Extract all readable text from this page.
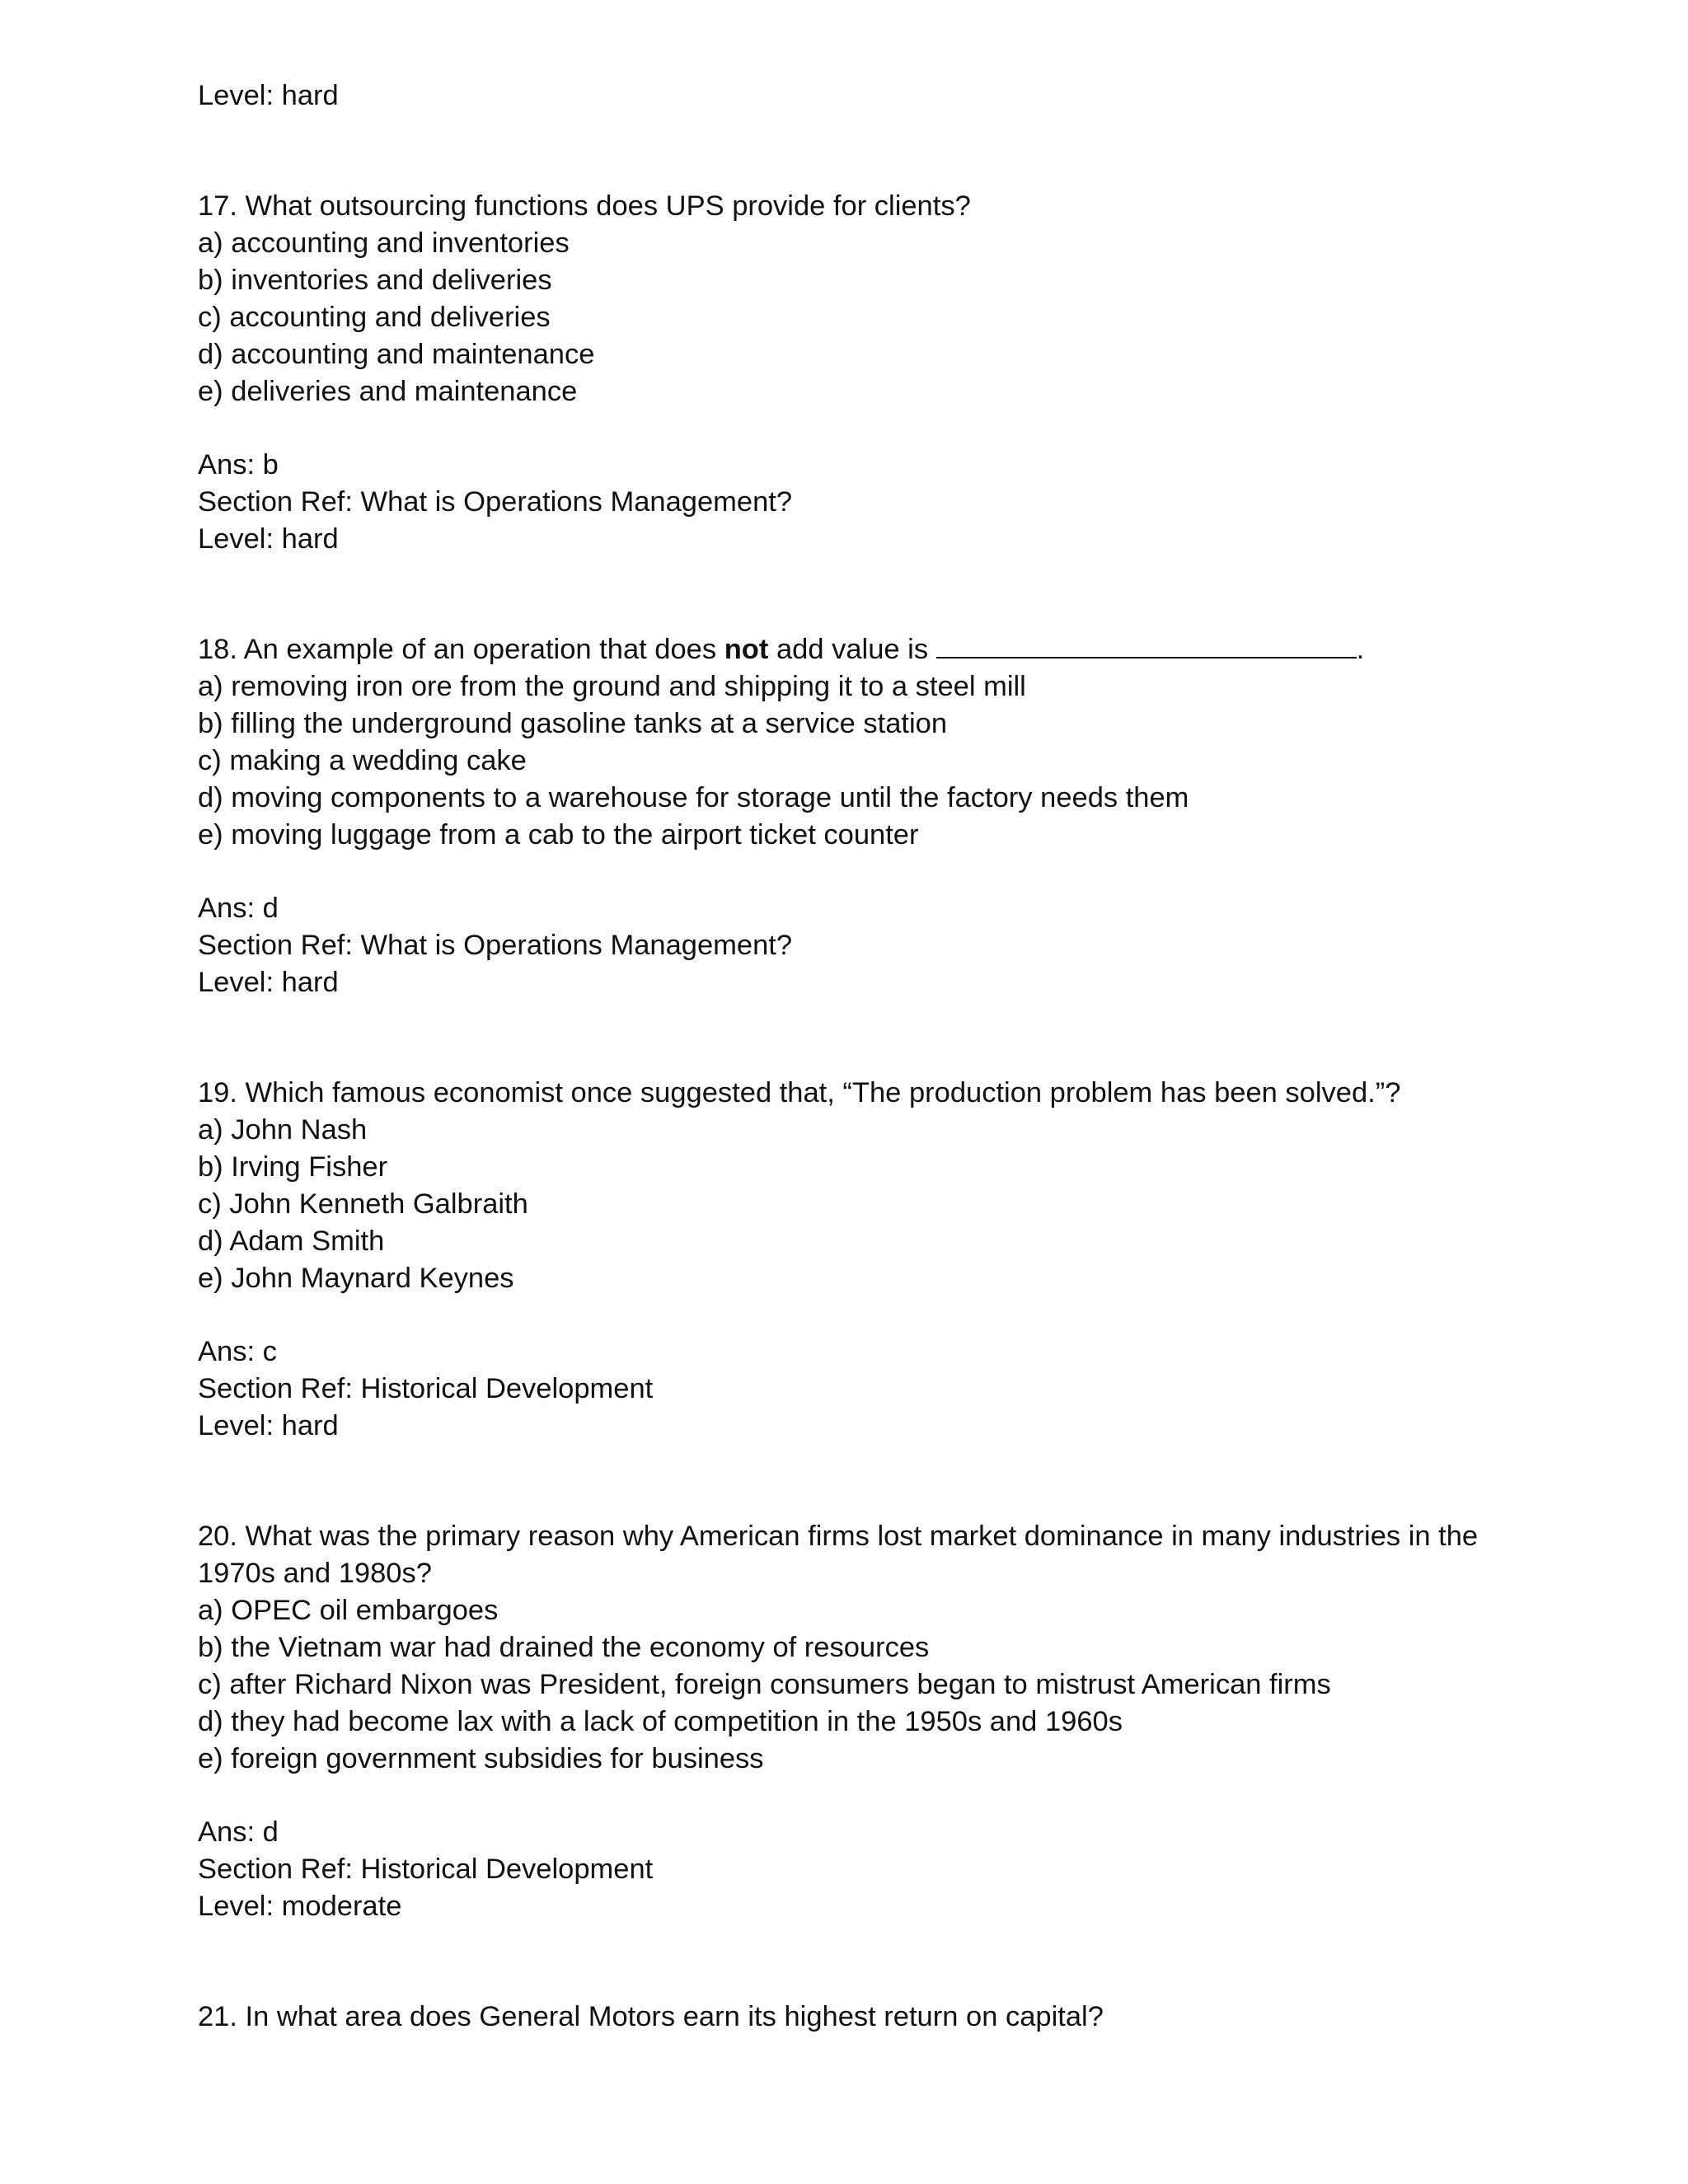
Level: hard
17. What outsourcing functions does UPS provide for clients?
a) accounting and inventories
b) inventories and deliveries
c) accounting and deliveries
d) accounting and maintenance
e) deliveries and maintenance
Ans: b
Section Ref: What is Operations Management?
Level: hard
18. An example of an operation that does not add value is	.
a) removing iron ore from the ground and shipping it to a steel mill
b) filling the underground gasoline tanks at a service station
c) making a wedding cake
d) moving components to a warehouse for storage until the factory needs them
e) moving luggage from a cab to the airport ticket counter
Ans: d
Section Ref: What is Operations Management?
Level: hard
19. Which famous economist once suggested that, “The production problem has been solved.”?
a) John Nash
b) Irving Fisher
c) John Kenneth Galbraith
d) Adam Smith
e) John Maynard Keynes
Ans: c
Section Ref: Historical Development
Level: hard
20. What was the primary reason why American firms lost market dominance in many industries in the
1970s and 1980s?
a) OPEC oil embargoes
b) the Vietnam war had drained the economy of resources
c) after Richard Nixon was President, foreign consumers began to mistrust American firms
d) they had become lax with a lack of competition in the 1950s and 1960s
e) foreign government subsidies for business
Ans: d
Section Ref: Historical Development
Level: moderate
21. In what area does General Motors earn its highest return on capital?
